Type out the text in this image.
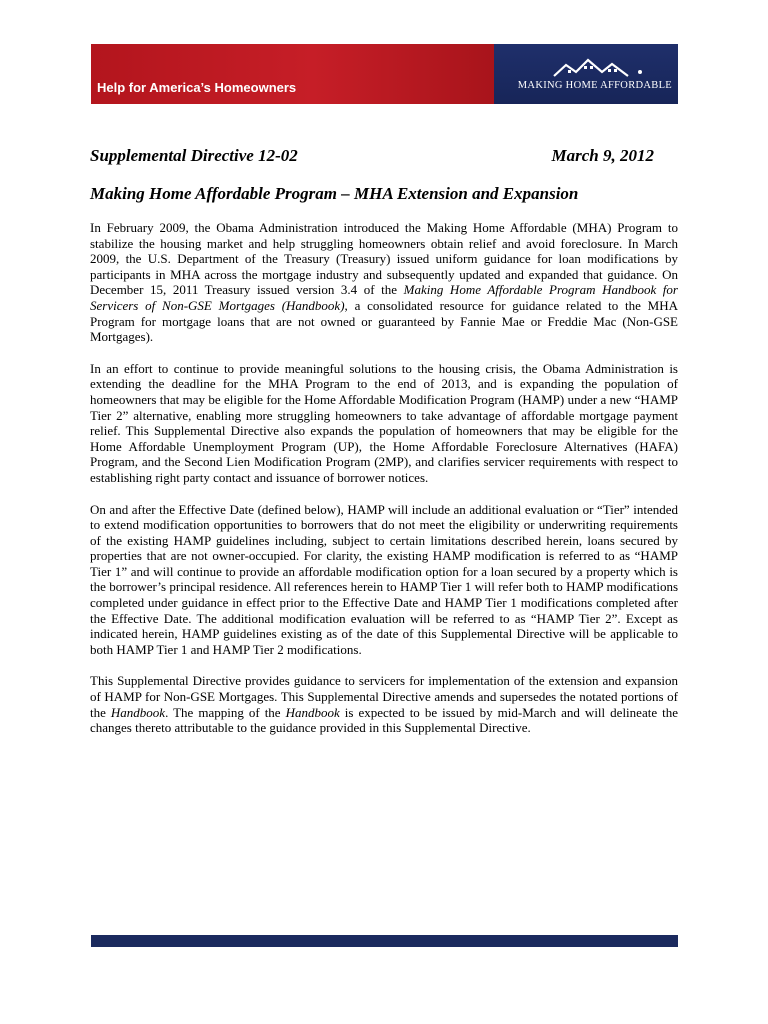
Help for America’s Homeowners	MAKING HOME AFFORDABLE
Supplemental Directive 12-02	March 9, 2012
Making Home Affordable Program – MHA Extension and Expansion

In February 2009, the Obama Administration introduced the Making Home Affordable (MHA) Program to stabilize the housing market and help struggling homeowners obtain relief and avoid foreclosure. In March 2009, the U.S. Department of the Treasury (Treasury) issued uniform guidance for loan modifications by participants in MHA across the mortgage industry and subsequently updated and expanded that guidance. On December 15, 2011 Treasury issued version 3.4 of the Making Home Affordable Program Handbook for Servicers of Non-GSE Mortgages (Handbook), a consolidated resource for guidance related to the MHA Program for mortgage loans that are not owned or guaranteed by Fannie Mae or Freddie Mac (Non-GSE Mortgages).

In an effort to continue to provide meaningful solutions to the housing crisis, the Obama Administration is extending the deadline for the MHA Program to the end of 2013, and is expanding the population of homeowners that may be eligible for the Home Affordable Modification Program (HAMP) under a new “HAMP Tier 2” alternative, enabling more struggling homeowners to take advantage of affordable mortgage payment relief. This Supplemental Directive also expands the population of homeowners that may be eligible for the Home Affordable Unemployment Program (UP), the Home Affordable Foreclosure Alternatives (HAFA) Program, and the Second Lien Modification Program (2MP), and clarifies servicer requirements with respect to establishing right party contact and issuance of borrower notices.

On and after the Effective Date (defined below), HAMP will include an additional evaluation or “Tier” intended to extend modification opportunities to borrowers that do not meet the eligibility or underwriting requirements of the existing HAMP guidelines including, subject to certain limitations described herein, loans secured by properties that are not owner-occupied. For clarity, the existing HAMP modification is referred to as “HAMP Tier 1” and will continue to provide an affordable modification option for a loan secured by a property which is the borrower’s principal residence. All references herein to HAMP Tier 1 will refer both to HAMP modifications completed under guidance in effect prior to the Effective Date and HAMP Tier 1 modifications completed after the Effective Date. The additional modification evaluation will be referred to as “HAMP Tier 2”. Except as indicated herein, HAMP guidelines existing as of the date of this Supplemental Directive will be applicable to both HAMP Tier 1 and HAMP Tier 2 modifications.

This Supplemental Directive provides guidance to servicers for implementation of the extension and expansion of HAMP for Non-GSE Mortgages. This Supplemental Directive amends and supersedes the notated portions of the Handbook. The mapping of the Handbook is expected to be issued by mid-March and will delineate the changes thereto attributable to the guidance provided in this Supplemental Directive.
